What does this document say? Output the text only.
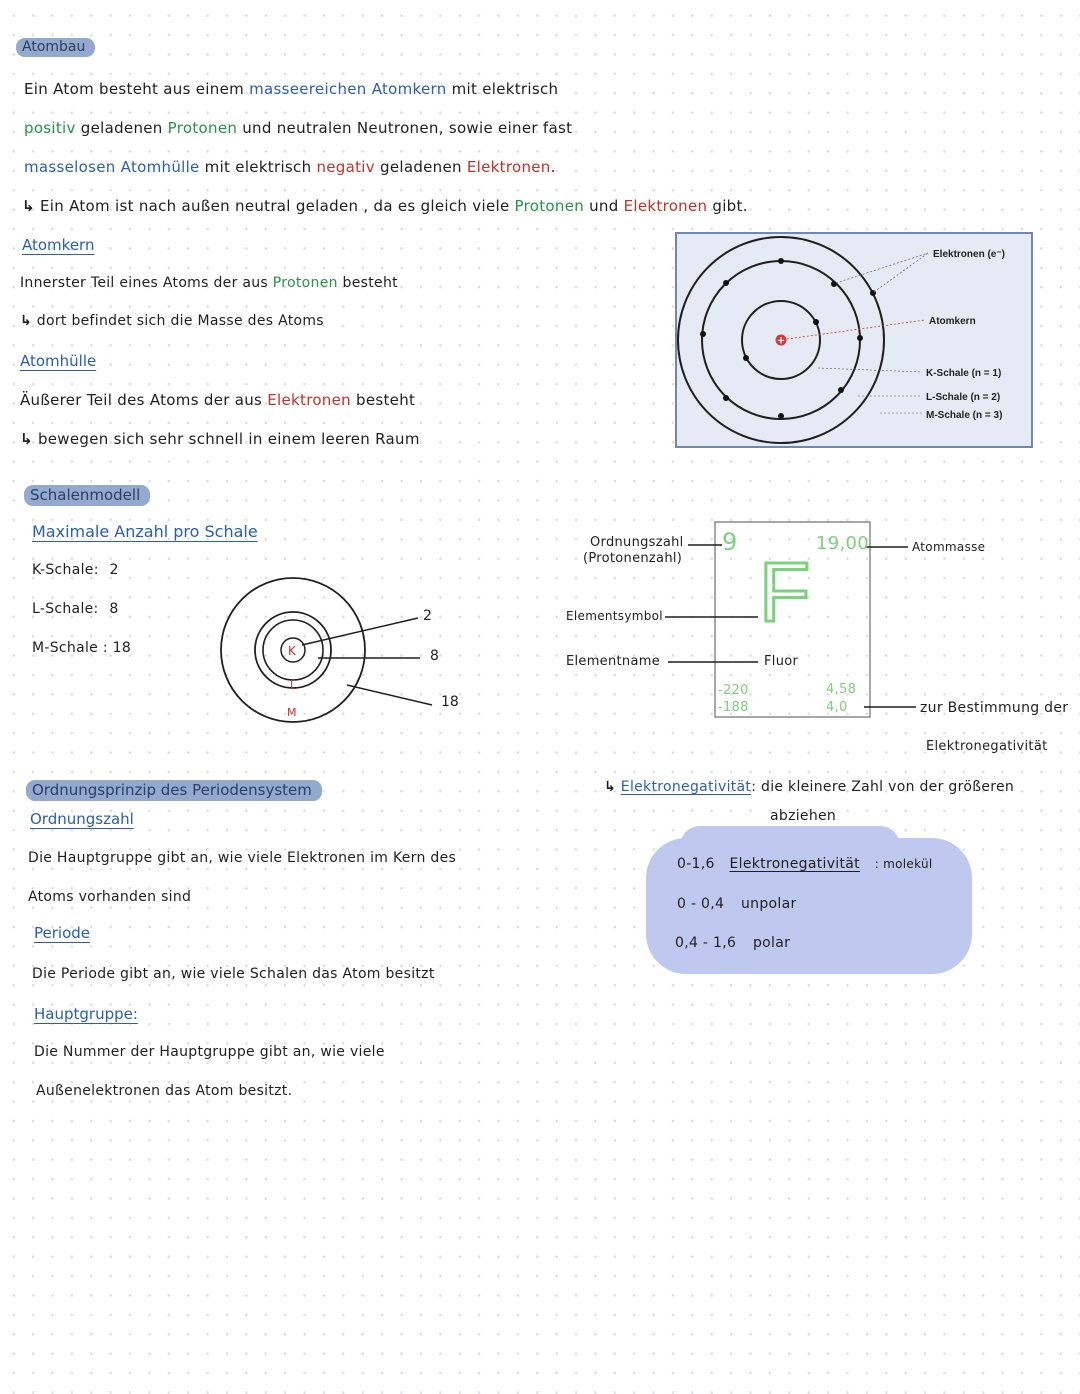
Atombau
Ein Atom besteht aus einem masseereichen Atomkern mit elektrisch
positiv geladenen Protonen und neutralen Neutronen, sowie einer fast
masselosen Atomhülle mit elektrisch negativ geladenen Elektronen.
↳ Ein Atom ist nach außen neutral geladen , da es gleich viele Protonen und Elektronen gibt.
Atomkern
Innerster Teil eines Atoms der aus Protonen besteht
↳ dort befindet sich die Masse des Atoms
Atomhülle
Äußerer Teil des Atoms der aus Elektronen besteht
↳ bewegen sich sehr schnell in einem leeren Raum
+
Elektronen (e⁻)
Atomkern
K-Schale (n = 1)
L-Schale (n = 2)
M-Schale (n = 3)
Schalenmodell
Maximale Anzahl pro Schale
K-Schale: 2
L-Schale: 8
M-Schale : 18	K
L
M
2
8
18
Ordnungszahl
(Protonenzahl)
Elementsymbol
Elementname
Atommasse
9	19,00
F
Fluor
-220
-188
4,58
4,0	zur Bestimmung der
Elektronegativität
↳ Elektronegativität: die kleinere Zahl von der größeren
abziehen
0-1,6 Elektronegativität : molekül
0 - 0,4 unpolar
0,4 - 1,6 polar
Ordnungsprinzip des Periodensystem
Ordnungszahl
Die Hauptgruppe gibt an, wie viele Elektronen im Kern des
Atoms vorhanden sind
Periode
Die Periode gibt an, wie viele Schalen das Atom besitzt
Hauptgruppe:
Die Nummer der Hauptgruppe gibt an, wie viele
Außenelektronen das Atom besitzt.
